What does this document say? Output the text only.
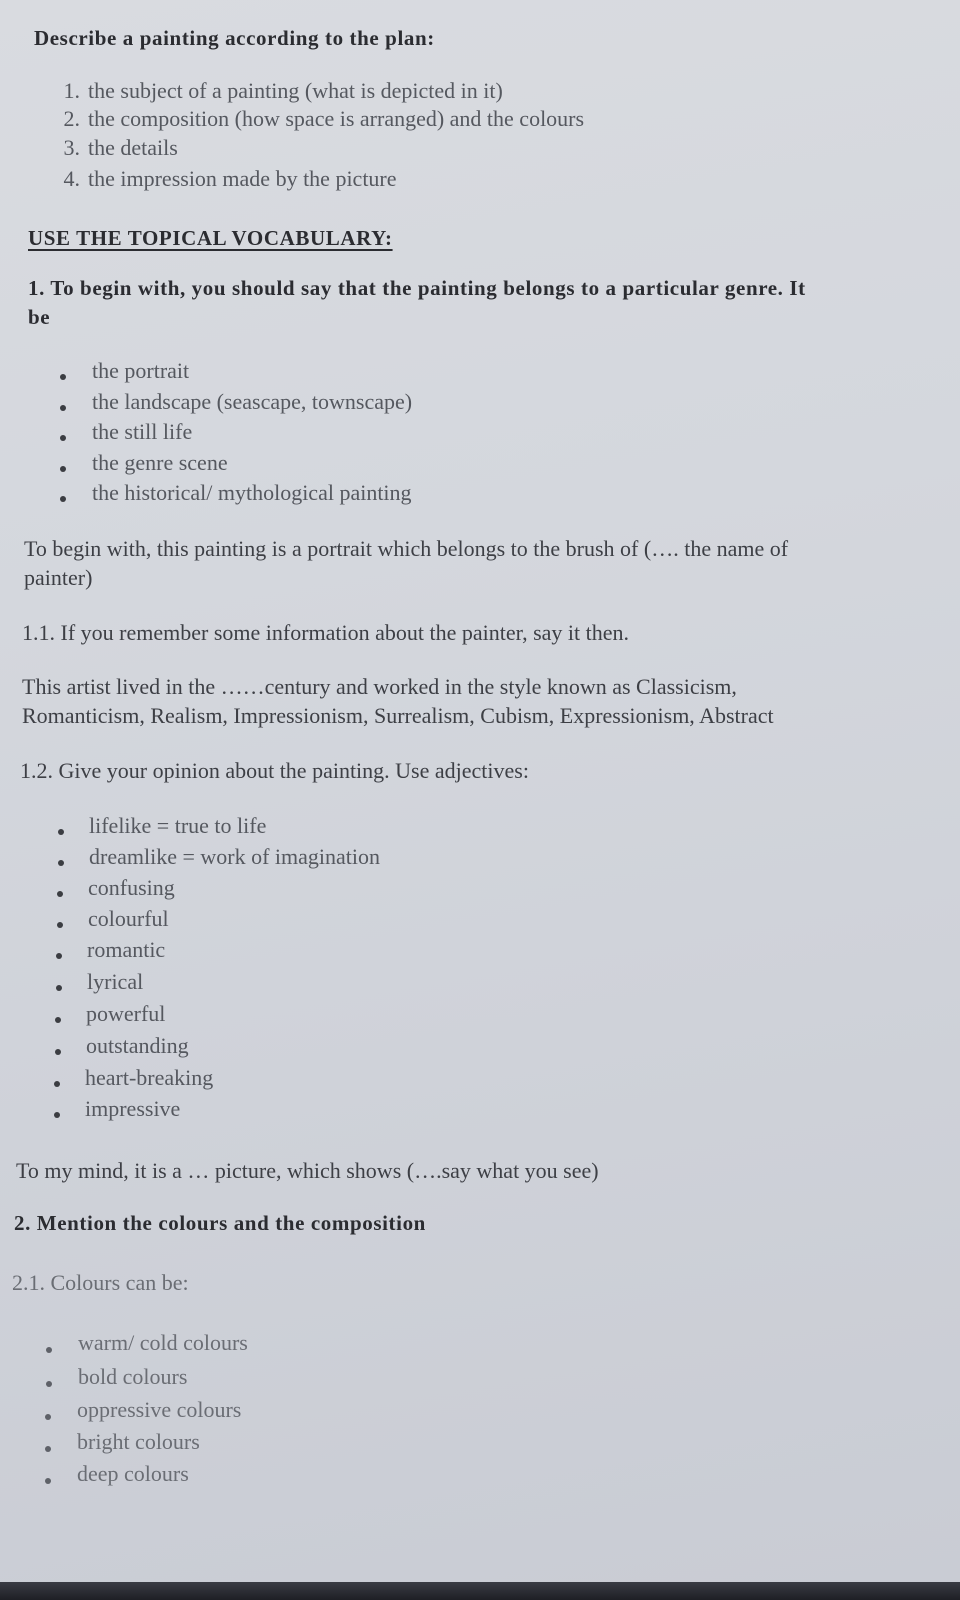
Describe a painting according to the plan:

1. the subject of a painting (what is depicted in it)
2. the composition (how space is arranged) and the colours
3. the details
4. the impression made by the picture

USE THE TOPICAL VOCABULARY:

1. To begin with, you should say that the painting belongs to a particular genre. It

be

the portrait

the landscape (seascape, townscape)

the still life

the genre scene

the historical/ mythological painting

To begin with, this painting is a portrait which belongs to the brush of (…. the name of

painter)

1.1. If you remember some information about the painter, say it then.

This artist lived in the ……century and worked in the style known as Classicism,

Romanticism, Realism, Impressionism, Surrealism, Cubism, Expressionism, Abstract

1.2. Give your opinion about the painting. Use adjectives:

lifelike = true to life

dreamlike = work of imagination

confusing

colourful

romantic

lyrical

powerful

outstanding

heart-breaking

impressive

To my mind, it is a … picture, which shows (….say what you see)

2. Mention the colours and the composition

2.1. Colours can be:

warm/ cold colours

bold colours

oppressive colours

bright colours

deep colours
